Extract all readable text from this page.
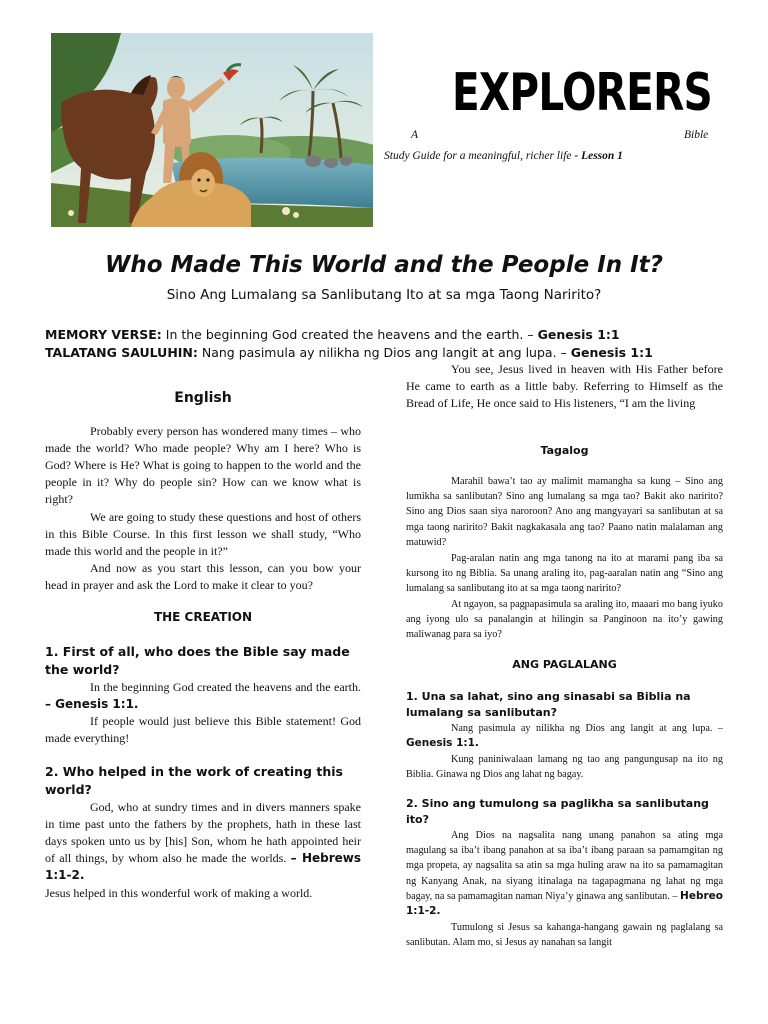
EXPLORERS
A	Bible
Study Guide for a meaningful, richer life - Lesson 1
Who Made This World and the People In It?
Sino Ang Lumalang sa Sanlibutang Ito at sa mga Taong Naririto?
MEMORY VERSE: In the beginning God created the heavens and the earth. – Genesis 1:1
TALATANG SAULUHIN: Nang pasimula ay nilikha ng Dios ang langit at ang lupa. – Genesis 1:1
English
Probably every person has wondered many times – who made the world? Who made people? Why am I here? Who is God? Where is He? What is going to happen to the world and the people in it? Why do people sin? How can we know what is right?
We are going to study these questions and host of others in this Bible Course. In this first lesson we shall study, “Who made this world and the people in it?”
And now as you start this lesson, can you bow your head in prayer and ask the Lord to make it clear to you?
THE CREATION
1. First of all, who does the Bible say made the world?
In the beginning God created the heavens and the earth. – Genesis 1:1.
If people would just believe this Bible statement! God made everything!
2. Who helped in the work of creating this world?
God, who at sundry times and in divers manners spake in time past unto the fathers by the prophets, hath in these last days spoken unto us by [his] Son, whom he hath appointed heir of all things, by whom also he made the worlds. – Hebrews 1:1-2.
Jesus helped in this wonderful work of making a world.
You see, Jesus lived in heaven with His Father before He came to earth as a little baby. Referring to Himself as the Bread of Life, He once said to His listeners, “I am the living
Tagalog
Marahil bawa’t tao ay malimit mamangha sa kung – Sino ang lumikha sa sanlibutan? Sino ang lumalang sa mga tao? Bakit ako naririto? Sino ang Dios saan siya naroroon? Ano ang mangyayari sa sanlibutan at sa mga taong naririto? Bakit nagkakasala ang tao? Paano natin malalaman ang matuwid?
Pag-aralan natin ang mga tanong na ito at marami pang iba sa kursong ito ng Biblia. Sa unang araling ito, pag-aaralan natin ang “Sino ang lumalang sa sanlibutang ito at sa mga taong naririto?
At ngayon, sa pagpapasimula sa araling ito, maaari mo bang iyuko ang iyong ulo sa panalangin at hilingin sa Panginoon na ito’y gawing maliwanag para sa iyo?
ANG PAGLALANG
1. Una sa lahat, sino ang sinasabi sa Biblia na lumalang sa sanlibutan?
Nang pasimula ay nilikha ng Dios ang langit at ang lupa. – Genesis 1:1.
Kung paniniwalaan lamang ng tao ang pangungusap na ito ng Biblia. Ginawa ng Dios ang lahat ng bagay.
2. Sino ang tumulong sa paglikha sa sanlibutang ito?
Ang Dios na nagsalita nang unang panahon sa ating mga magulang sa iba’t ibang panahon at sa iba’t ibang paraan sa pamamgitan ng mga propeta, ay nagsalita sa atin sa mga huling araw na ito sa pamamagitan ng Kanyang Anak, na siyang itinalaga na tagapagmana ng lahat ng mga bagay, na sa pamamagitan naman Niya’y ginawa ang sanlibutan. – Hebreo 1:1-2.
Tumulong si Jesus sa kahanga-hangang gawain ng paglalang sa sanlibutan. Alam mo, si Jesus ay nanahan sa langit
